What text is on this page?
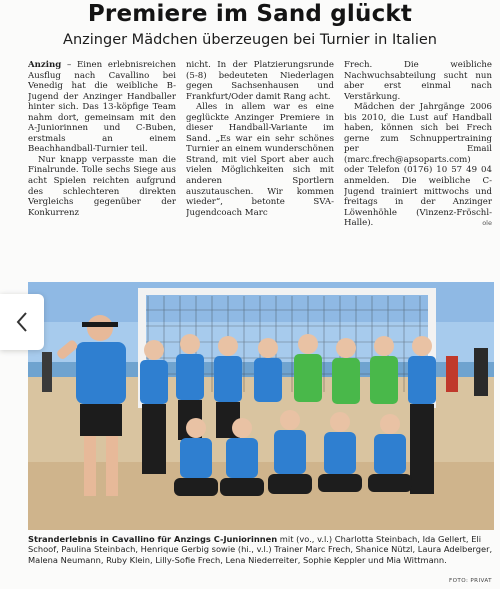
Premiere im Sand glückt
Anzinger Mädchen überzeugen bei Turnier in Italien

Anzing – Einen erlebnisreichen Ausflug nach Cavallino bei Venedig hat die weibliche B-Jugend der Anzinger Handballer hinter sich. Das 13-köpfige Team nahm dort, gemeinsam mit den A-Juniorinnen und C-Buben, erstmals an einem Beachhandball-Turnier teil.

Nur knapp verpasste man die Finalrunde. Tolle sechs Siege aus acht Spielen reichten aufgrund des schlechteren direkten Vergleichs gegenüber der Konkurrenz

nicht. In der Platzierungsrunde (5-8) bedeuteten Niederlagen gegen Sachsenhausen und Frankfurt/Oder damit Rang acht.

Alles in allem war es eine geglückte Anzinger Premiere in dieser Handball-Variante im Sand. „Es war ein sehr schönes Turnier an einem wunderschönen Strand, mit viel Sport aber auch vielen Möglichkeiten sich mit anderen Sportlern auszutauschen. Wir kommen wieder“, betonte SVA-Jugendcoach Marc

Frech. Die weibliche Nachwuchsabteilung sucht nun aber erst einmal nach Verstärkung.

Mädchen der Jahrgänge 2006 bis 2010, die Lust auf Handball haben, können sich bei Frech gerne zum Schnuppertraining per Email (marc.frech@apsoparts.com) oder Telefon (0176) 10 57 49 04 anmelden. Die weibliche C-Jugend trainiert mittwochs und freitags in der Anzinger Löwenhöhle (Vinzenz-Fröschl-Halle).	ole

Stranderlebnis in Cavallino für Anzings C-Juniorinnen mit (vo., v.l.) Charlotta Steinbach, Ida Gellert, Eli Schoof, Paulina Steinbach, Henrique Gerbig sowie (hi., v.l.) Trainer Marc Frech, Shanice Nützl, Laura Adelberger, Malena Neumann, Ruby Klein, Lilly-Sofie Frech, Lena Niederreiter, Sophie Keppler und Mia Wittmann.
FOTO: PRIVAT
